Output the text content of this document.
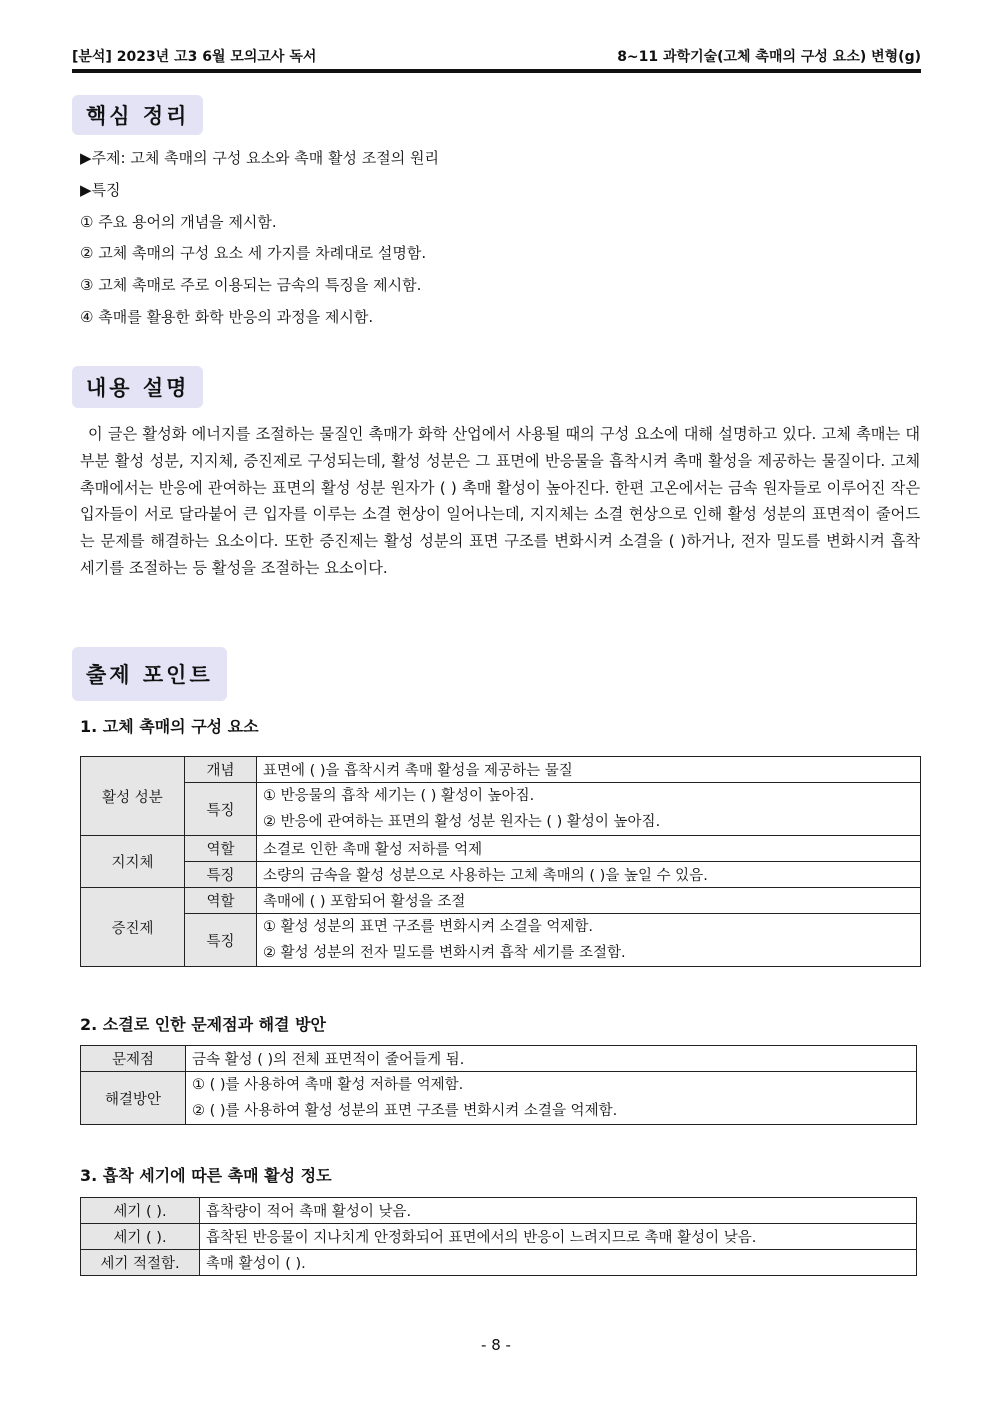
[분석] 2023년 고3 6월 모의고사 독서	8~11 과학기술(고체 촉매의 구성 요소) 변형(g)
핵심 정리
▶주제: 고체 촉매의 구성 요소와 촉매 활성 조절의 원리
▶특징
① 주요 용어의 개념을 제시함.
② 고체 촉매의 구성 요소 세 가지를 차례대로 설명함.
③ 고체 촉매로 주로 이용되는 금속의 특징을 제시함.
④ 촉매를 활용한 화학 반응의 과정을 제시함.
내용 설명

이 글은 활성화 에너지를 조절하는 물질인 촉매가 화학 산업에서 사용될 때의 구성 요소에 대해 설명하고 있다. 고체 촉매는 대부분 활성 성분, 지지체, 증진제로 구성되는데, 활성 성분은 그 표면에 반응물을 흡착시켜 촉매 활성을 제공하는 물질이다. 고체 촉매에서는 반응에 관여하는 표면의 활성 성분 원자가 ( ) 촉매 활성이 높아진다. 한편 고온에서는 금속 원자들로 이루어진 작은 입자들이 서로 달라붙어 큰 입자를 이루는 소결 현상이 일어나는데, 지지체는 소결 현상으로 인해 활성 성분의 표면적이 줄어드는 문제를 해결하는 요소이다. 또한 증진제는 활성 성분의 표면 구조를 변화시켜 소결을 ( )하거나, 전자 밀도를 변화시켜 흡착 세기를 조절하는 등 활성을 조절하는 요소이다.

출제 포인트
1. 고체 촉매의 구성 요소
활성 성분	개념	표면에 ( )을 흡착시켜 촉매 활성을 제공하는 물질
	특징	① 반응물의 흡착 세기는 ( ) 활성이 높아짐.
② 반응에 관여하는 표면의 활성 성분 원자는 ( ) 활성이 높아짐.

지지체	역할	소결로 인한 촉매 활성 저하를 억제
	특징	소량의 금속을 활성 성분으로 사용하는 고체 촉매의 ( )을 높일 수 있음.
증진제	역할	촉매에 ( ) 포함되어 활성을 조절
	특징	① 활성 성분의 표면 구조를 변화시켜 소결을 억제함.
② 활성 성분의 전자 밀도를 변화시켜 흡착 세기를 조절함.
2. 소결로 인한 문제점과 해결 방안
문제점	금속 활성 ( )의 전체 표면적이 줄어들게 됨.
해결방안	① ( )를 사용하여 촉매 활성 저하를 억제함.
② ( )를 사용하여 활성 성분의 표면 구조를 변화시켜 소결을 억제함.
3. 흡착 세기에 따른 촉매 활성 정도
세기 ( ).	흡착량이 적어 촉매 활성이 낮음.
세기 ( ).	흡착된 반응물이 지나치게 안정화되어 표면에서의 반응이 느려지므로 촉매 활성이 낮음.
세기 적절함.	촉매 활성이 ( ).
- 8 -
